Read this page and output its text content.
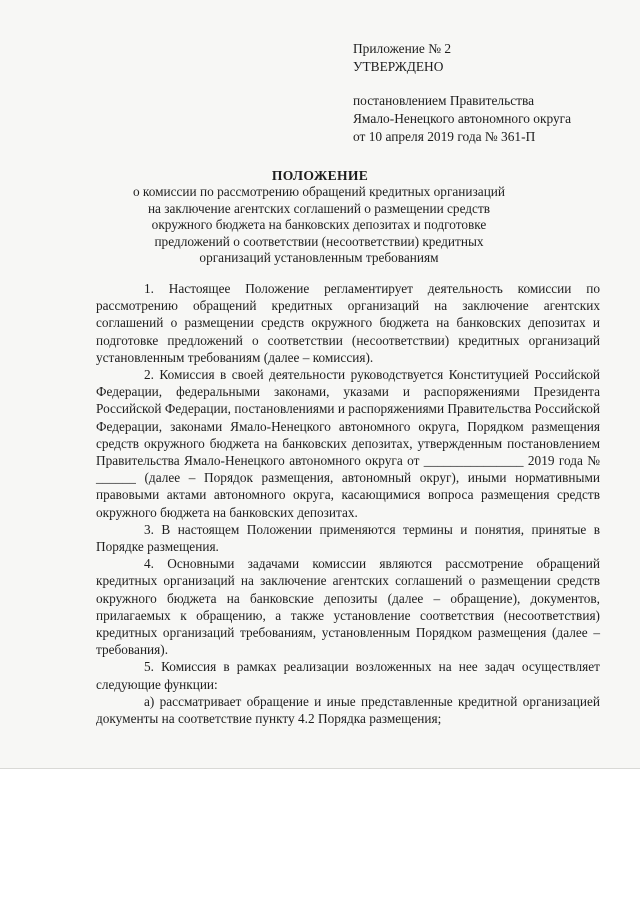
Приложение № 2
УТВЕРЖДЕНО
постановлением Правительства
Ямало-Ненецкого автономного округа
от 10 апреля 2019 года № 361-П
ПОЛОЖЕНИЕ
о комиссии по рассмотрению обращений кредитных организаций
на заключение агентских соглашений о размещении средств
окружного бюджета на банковских депозитах и подготовке
предложений о соответствии (несоответствии) кредитных
организаций установленным требованиям

1. Настоящее Положение регламентирует деятельность комиссии по рассмотрению обращений кредитных организаций на заключение агентских соглашений о размещении средств окружного бюджета на банковских депозитах и подготовке предложений о соответствии (несоответствии) кредитных организаций установленным требованиям (далее – комиссия).

2. Комиссия в своей деятельности руководствуется Конституцией Российской Федерации, федеральными законами, указами и распоряжениями Президента Российской Федерации, постановлениями и распоряжениями Правительства Российской Федерации, законами Ямало-Ненецкого автономного округа, Порядком размещения средств окружного бюджета на банковских депозитах, утвержденным постановлением Правительства Ямало-Ненецкого автономного округа от _______________ 2019 года № ______ (далее – Порядок размещения, автономный округ), иными нормативными правовыми актами автономного округа, касающимися вопроса размещения средств окружного бюджета на банковских депозитах.

3. В настоящем Положении применяются термины и понятия, принятые в Порядке размещения.

4. Основными задачами комиссии являются рассмотрение обращений кредитных организаций на заключение агентских соглашений о размещении средств окружного бюджета на банковские депозиты (далее – обращение), документов, прилагаемых к обращению, а также установление соответствия (несоответствия) кредитных организаций требованиям, установленным Порядком размещения (далее – требования).

5. Комиссия в рамках реализации возложенных на нее задач осуществляет следующие функции:

а) рассматривает обращение и иные представленные кредитной организацией документы на соответствие пункту 4.2 Порядка размещения;
